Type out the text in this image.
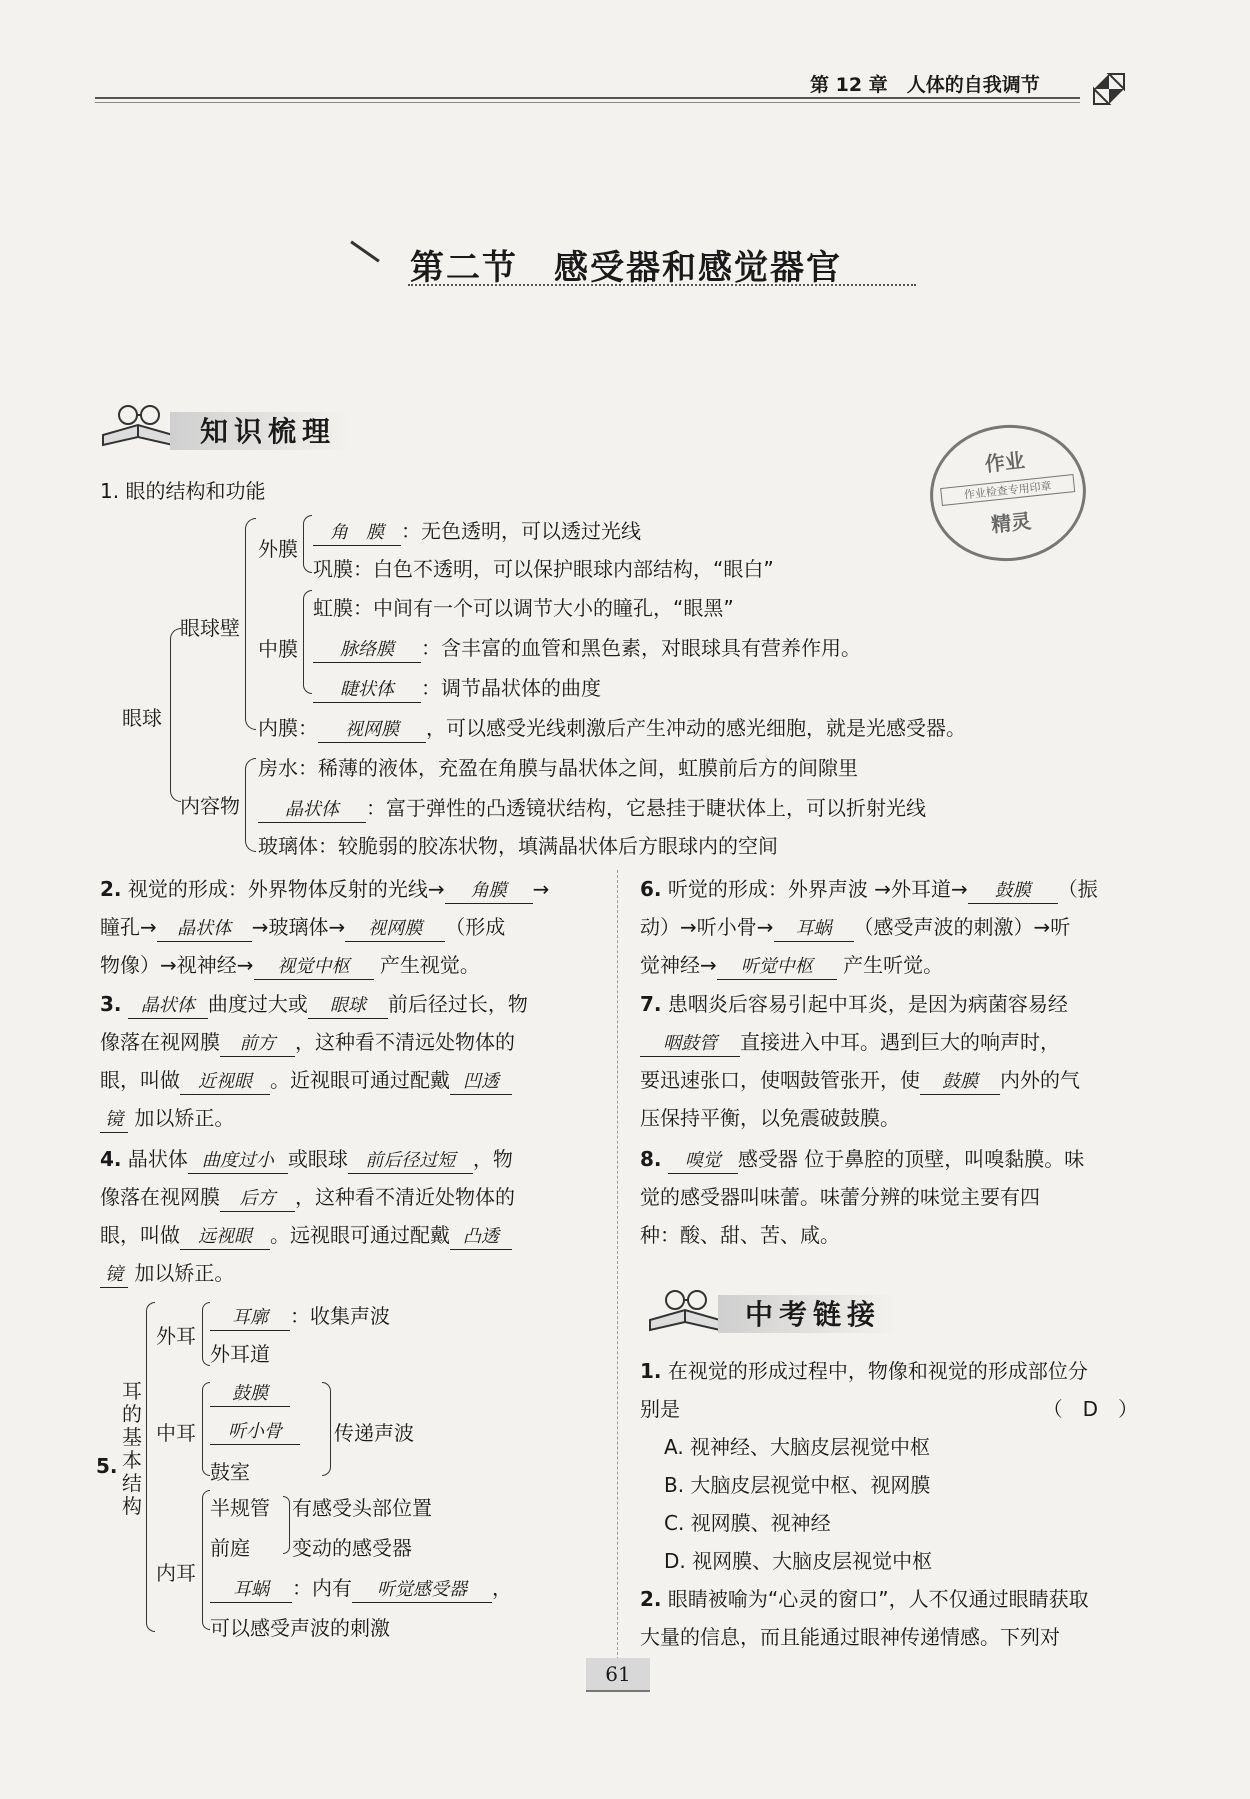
第 12 章　 人体的自我调节
第二节　感受器和感觉器官
知识梳理
作业
作业检查专用印章
精灵
1. 眼的结构和功能
眼球
眼球壁
外膜
角　膜 ：无色透明，可以透过光线
巩膜：白色不透明，可以保护眼球内部结构，“眼白”
中膜
虹膜：中间有一个可以调节大小的瞳孔，“眼黑”
脉络膜 ：含丰富的血管和黑色素，对眼球具有营养作用。
睫状体 ：调节晶状体的曲度
内膜： 视网膜 ，可以感受光线刺激后产生冲动的感光细胞，就是光感受器。
内容物
房水：稀薄的液体，充盈在角膜与晶状体之间，虹膜前后方的间隙里
晶状体 ：富于弹性的凸透镜状结构，它悬挂于睫状体上，可以折射光线
玻璃体：较脆弱的胶冻状物，填满晶状体后方眼球内的空间

2. 视觉的形成：外界物体反射的光线→ 角膜 →

瞳孔→ 晶状体 →玻璃体→ 视网膜 （形成

物像）→视神经→ 视觉中枢 产生视觉。

3. 晶状体 曲度过大或 眼球 前后径过长，物

像落在视网膜 前方 ，这种看不清远处物体的

眼，叫做 近视眼 。近视眼可通过配戴 凹透

镜 加以矫正。

4. 晶状体 曲度过小 或眼球 前后径过短 ，物

像落在视网膜 后方 ，这种看不清近处物体的

眼，叫做 远视眼 。远视眼可通过配戴 凸透

镜 加以矫正。

5.
耳的基本结构
外耳
耳廓 ：收集声波
外耳道
中耳
鼓膜
听小骨
鼓室
传递声波
内耳
半规管
前庭
有感受头部位置
变动的感受器
耳蜗 ：内有 听觉感受器 ，
可以感受声波的刺激

6. 听觉的形成：外界声波 →外耳道→ 鼓膜 （振

动）→听小骨→ 耳蜗 （感受声波的刺激）→听

觉神经→ 听觉中枢 产生听觉。

7. 患咽炎后容易引起中耳炎，是因为病菌容易经

咽鼓管 直接进入中耳。遇到巨大的响声时，

要迅速张口，使咽鼓管张开，使 鼓膜 内外的气

压保持平衡，以免震破鼓膜。

8. 嗅觉 感受器 位于鼻腔的顶壁，叫嗅黏膜。味

觉的感受器叫味蕾。味蕾分辨的味觉主要有四

种：酸、甜、苦、咸。

中考链接

1. 在视觉的形成过程中，物像和视觉的形成部位分

别是	（　D　）

A. 视神经、大脑皮层视觉中枢

B. 大脑皮层视觉中枢、视网膜

C. 视网膜、视神经

D. 视网膜、大脑皮层视觉中枢

2. 眼睛被喻为“心灵的窗口”，人不仅通过眼睛获取

大量的信息，而且能通过眼神传递情感。下列对

61
